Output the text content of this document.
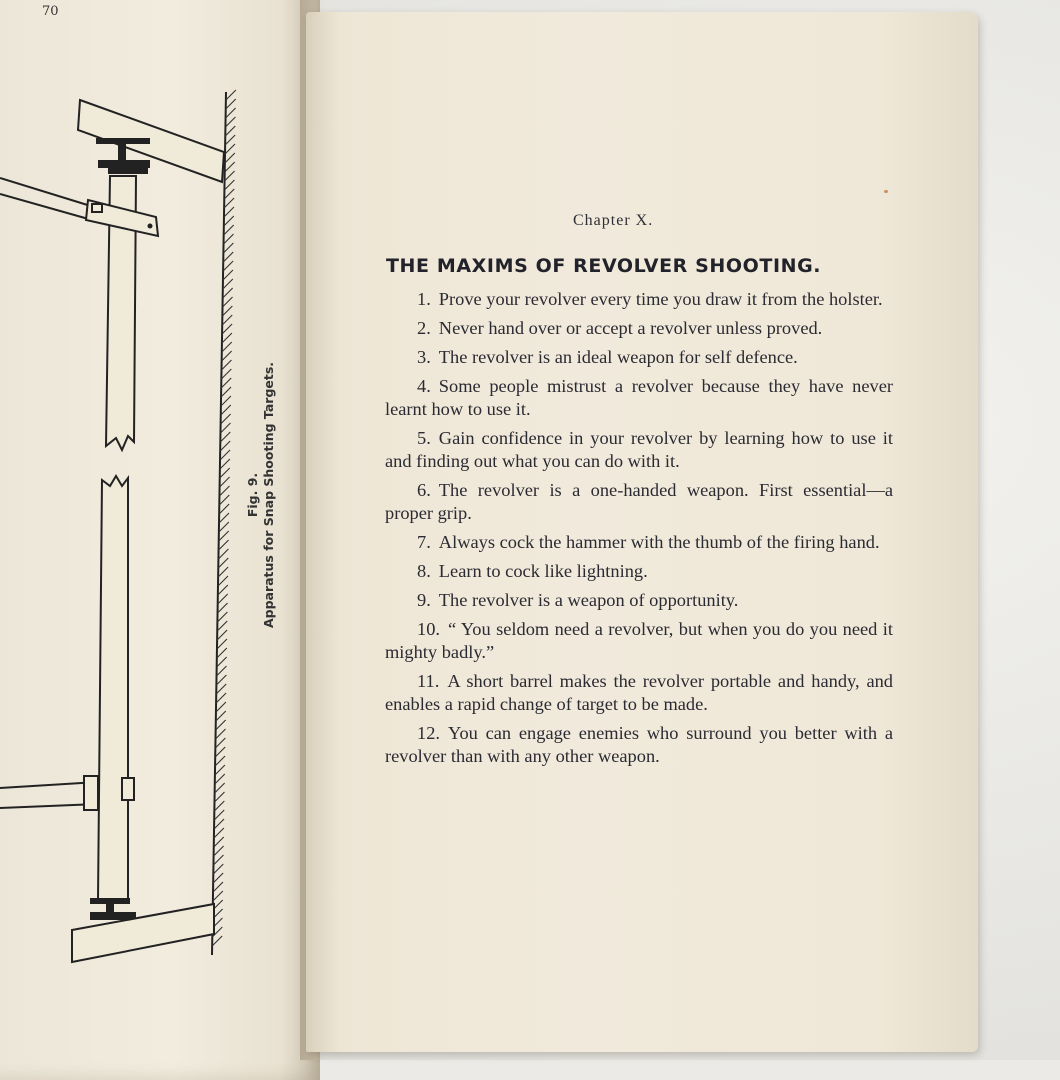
70
Fig. 9. Apparatus for Snap Shooting Targets.
Chapter X.
THE MAXIMS OF REVOLVER SHOOTING.

1. Prove your revolver every time you draw it from the holster.

2. Never hand over or accept a revolver unless proved.

3. The revolver is an ideal weapon for self defence.

4. Some people mistrust a revolver because they have never learnt how to use it.

5. Gain confidence in your revolver by learning how to use it and finding out what you can do with it.

6. The revolver is a one-handed weapon. First essential—a proper grip.

7. Always cock the hammer with the thumb of the firing hand.

8. Learn to cock like lightning.

9. The revolver is a weapon of opportunity.

10. “ You seldom need a revolver, but when you do you need it mighty badly.”

11. A short barrel makes the revolver portable and handy, and enables a rapid change of target to be made.

12. You can engage enemies who surround you better with a revolver than with any other weapon.
